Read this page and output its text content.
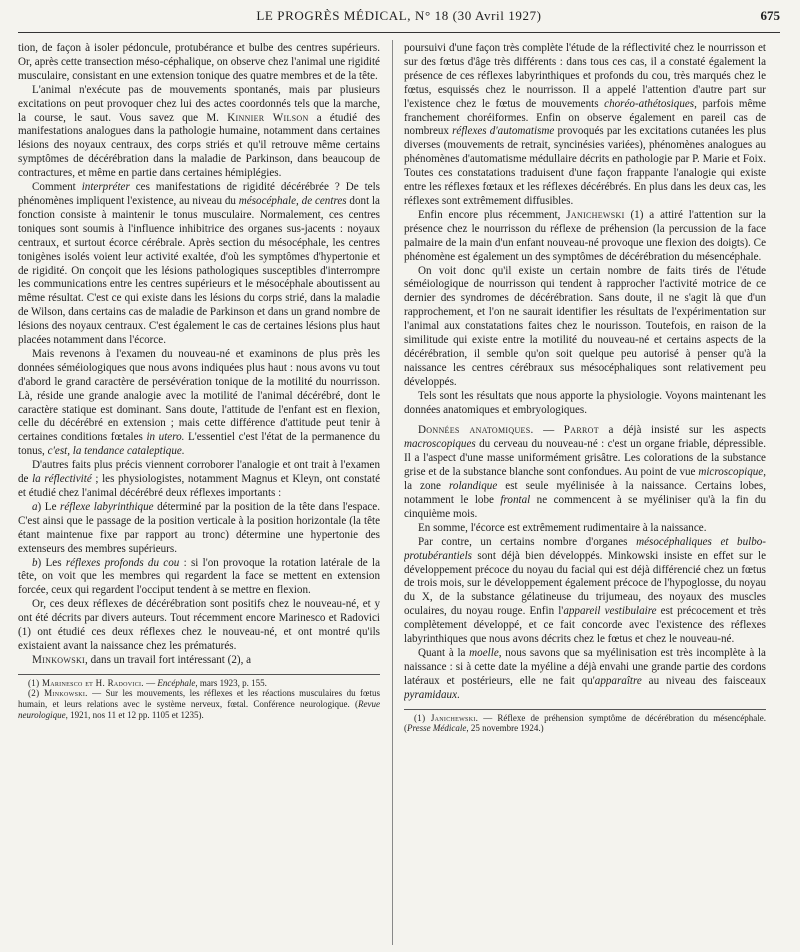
LE PROGRÈS MÉDICAL, N° 18 (30 Avril 1927)	675

tion, de façon à isoler pédoncule, protubérance et bulbe des centres supérieurs. Or, après cette transection méso-céphalique, on observe chez l'animal une rigidité musculaire, consistant en une extension tonique des quatre membres et de la tête.

L'animal n'exécute pas de mouvements spontanés, mais par plusieurs excitations on peut provoquer chez lui des actes coordonnés tels que la marche, la course, le saut. Vous savez que M. Kinnier Wilson a étudié des manifestations analogues dans la pathologie humaine, notamment dans certaines lésions des noyaux centraux, des corps striés et qu'il retrouve même certains symptômes de décérébration dans la maladie de Parkinson, dans beaucoup de contractures, et même en partie dans certaines hémiplégies.

Comment interpréter ces manifestations de rigidité décérébrée ? De tels phénomènes impliquent l'existence, au niveau du mésocéphale, de centres dont la fonction consiste à maintenir le tonus musculaire. Normalement, ces centres toniques sont soumis à l'influence inhibitrice des organes sus-jacents : noyaux centraux, et surtout écorce cérébrale. Après section du mésocéphale, les centres tonigènes isolés voient leur activité exaltée, d'où les symptômes d'hypertonie et de rigidité. On conçoit que les lésions pathologiques susceptibles d'interrompre les communications entre les centres supérieurs et le mésocéphale aboutissent au même résultat. C'est ce qui existe dans les lésions du corps strié, dans la maladie de Wilson, dans certains cas de maladie de Parkinson et dans un grand nombre de lésions des noyaux centraux. C'est également le cas de certaines lésions plus haut placées notamment dans l'écorce.

Mais revenons à l'examen du nouveau-né et examinons de plus près les données séméiologiques que nous avons indiquées plus haut : nous avons vu tout d'abord le grand caractère de persévération tonique de la motilité du nourrisson. Là, réside une grande analogie avec la motilité de l'animal décérébré, dont le caractère statique est dominant. Sans doute, l'attitude de l'enfant est en flexion, celle du décérébré en extension ; mais cette différence d'attitude peut tenir à certaines conditions fœtales in utero. L'essentiel c'est l'état de la permanence du tonus, c'est, la tendance cataleptique.

D'autres faits plus précis viennent corroborer l'analogie et ont trait à l'examen de la réflectivité ; les physiologistes, notamment Magnus et Kleyn, ont constaté et étudié chez l'animal décérébré deux réflexes importants :

a) Le réflexe labyrinthique déterminé par la position de la tête dans l'espace. C'est ainsi que le passage de la position verticale à la position horizontale (la tête étant maintenue fixe par rapport au tronc) détermine une hypertonie des extenseurs des membres supérieurs.

b) Les réflexes profonds du cou : si l'on provoque la rotation latérale de la tête, on voit que les membres qui regardent la face se mettent en extension forcée, ceux qui regardent l'occiput tendent à se mettre en flexion.

Or, ces deux réflexes de décérébration sont positifs chez le nouveau-né, et y ont été décrits par divers auteurs. Tout récemment encore Marinesco et Radovici (1) ont étudié ces deux réflexes chez le nouveau-né, et ont montré qu'ils existaient avant la naissance chez les prématurés.

Minkowski, dans un travail fort intéressant (2), a

(1) Marinesco et H. Radovici. — Encéphale, mars 1923, p. 155.

(2) Minkowski. — Sur les mouvements, les réflexes et les réactions musculaires du fœtus humain, et leurs relations avec le système nerveux, fœtal. Conférence neurologique. (Revue neurologique, 1921, nos 11 et 12 pp. 1105 et 1235).

poursuivi d'une façon très complète l'étude de la réflectivité chez le nourrisson et sur des fœtus d'âge très différents : dans tous ces cas, il a constaté également la présence de ces réflexes labyrinthiques et profonds du cou, très marqués chez le fœtus, esquissés chez le nourrisson. Il a appelé l'attention d'autre part sur l'existence chez le fœtus de mouvements choréo-athétosiques, parfois même franchement choréiformes. Enfin on observe également en pareil cas de nombreux réflexes d'automatisme provoqués par les excitations cutanées les plus diverses (mouvements de retrait, syncinésies variées), phénomènes analogues au phénomènes d'automatisme médullaire décrits en pathologie par P. Marie et Foix. Toutes ces constatations traduisent d'une façon frappante l'analogie qui existe entre les réflexes fœtaux et les réflexes décérébrés. En plus dans les deux cas, les réflexes sont extrêmement diffusibles.

Enfin encore plus récemment, Janichewski (1) a attiré l'attention sur la présence chez le nourrisson du réflexe de préhension (la percussion de la face palmaire de la main d'un enfant nouveau-né provoque une flexion des doigts). Ce phénomène est également un des symptômes de décérébration du mésencéphale.

On voit donc qu'il existe un certain nombre de faits tirés de l'étude séméiologique de nourrisson qui tendent à rapprocher l'activité motrice de ce dernier des syndromes de décérébration. Sans doute, il ne s'agit là que d'un rapprochement, et l'on ne saurait identifier les résultats de l'expérimentation sur l'animal aux constatations faites chez le nourisson. Toutefois, en raison de la similitude qui existe entre la motilité du nouveau-né et certains aspects de la décérébration, il semble qu'on soit quelque peu autorisé à penser qu'à la naissance les centres cérébraux sus mésocéphaliques sont relativement peu développés.

Tels sont les résultats que nous apporte la physiologie. Voyons maintenant les données anatomiques et embryologiques.

Données anatomiques. — Parrot a déjà insisté sur les aspects macroscopiques du cerveau du nouveau-né : c'est un organe friable, dépressible. Il a l'aspect d'une masse uniformément grisâtre. Les colorations de la substance grise et de la substance blanche sont confondues. Au point de vue microscopique, la zone rolandique est seule myélinisée à la naissance. Certains lobes, notamment le lobe frontal ne commencent à se myéliniser qu'à la fin du cinquième mois.

En somme, l'écorce est extrêmement rudimentaire à la naissance.

Par contre, un certains nombre d'organes mésocéphaliques et bulbo-protubérantiels sont déjà bien développés. Minkowski insiste en effet sur le développement précoce du noyau du facial qui est déjà différencié chez un fœtus de trois mois, sur le développement également précoce de l'hypoglosse, du noyau du X, de la substance gélatineuse du trijumeau, des noyaux des muscles oculaires, du noyau rouge. Enfin l'appareil vestibulaire est précocement et très complètement développé, et ce fait concorde avec l'existence des réflexes labyrinthiques que nous avons décrits chez le fœtus et chez le nouveau-né.

Quant à la moelle, nous savons que sa myélinisation est très incomplète à la naissance : si à cette date la myéline a déjà envahi une grande partie des cordons latéraux et postérieurs, elle ne fait qu'apparaître au niveau des faisceaux pyramidaux.

(1) Janichewski. — Réflexe de préhension symptôme de décérébration du mésencéphale. (Presse Médicale, 25 novembre 1924.)
